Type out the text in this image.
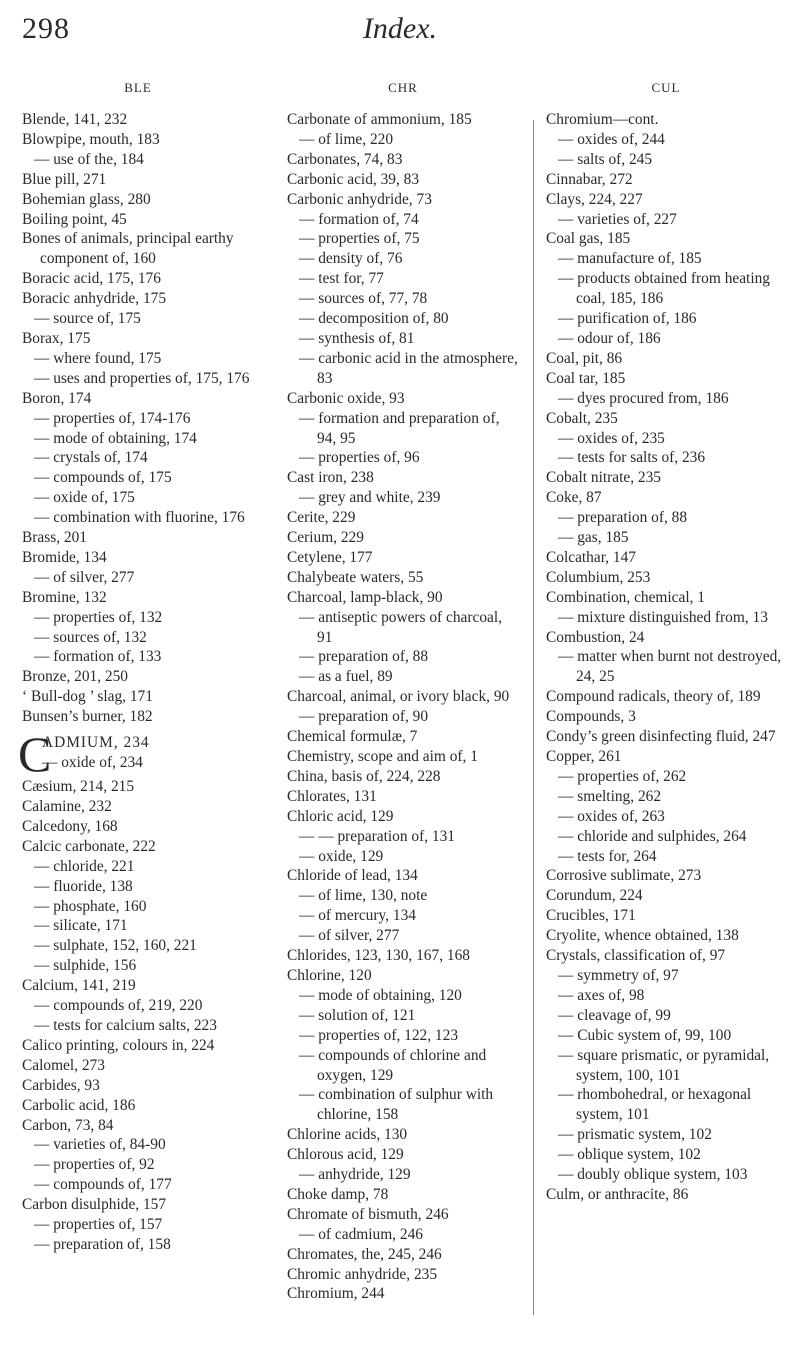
298	Index.
BLE
Blende, 141, 232
Blowpipe, mouth, 183
— use of the, 184
Blue pill, 271
Bohemian glass, 280
Boiling point, 45
Bones of animals, principal earthy component of, 160
Boracic acid, 175, 176
Boracic anhydride, 175
— source of, 175
Borax, 175
— where found, 175
— uses and properties of, 175, 176
Boron, 174
— properties of, 174-176
— mode of obtaining, 174
— crystals of, 174
— compounds of, 175
— oxide of, 175
— combination with fluorine, 176
Brass, 201
Bromide, 134
— of silver, 277
Bromine, 132
— properties of, 132
— sources of, 132
— formation of, 133
Bronze, 201, 250
‘ Bull-dog ’ slag, 171
Bunsen’s burner, 182
C
ADMIUM, 234
— oxide of, 234
Cæsium, 214, 215
Calamine, 232
Calcedony, 168
Calcic carbonate, 222
— chloride, 221
— fluoride, 138
— phosphate, 160
— silicate, 171
— sulphate, 152, 160, 221
— sulphide, 156
Calcium, 141, 219
— compounds of, 219, 220
— tests for calcium salts, 223
Calico printing, colours in, 224
Calomel, 273
Carbides, 93
Carbolic acid, 186
Carbon, 73, 84
— varieties of, 84-90
— properties of, 92
— compounds of, 177
Carbon disulphide, 157
— properties of, 157
— preparation of, 158
CHR
Carbonate of ammonium, 185
— of lime, 220
Carbonates, 74, 83
Carbonic acid, 39, 83
Carbonic anhydride, 73
— formation of, 74
— properties of, 75
— density of, 76
— test for, 77
— sources of, 77, 78
— decomposition of, 80
— synthesis of, 81
— carbonic acid in the atmosphere, 83
Carbonic oxide, 93
— formation and preparation of, 94, 95
— properties of, 96
Cast iron, 238
— grey and white, 239
Cerite, 229
Cerium, 229
Cetylene, 177
Chalybeate waters, 55
Charcoal, lamp-black, 90
— antiseptic powers of charcoal, 91
— preparation of, 88
— as a fuel, 89
Charcoal, animal, or ivory black, 90
— preparation of, 90
Chemical formulæ, 7
Chemistry, scope and aim of, 1
China, basis of, 224, 228
Chlorates, 131
Chloric acid, 129
— — preparation of, 131
— oxide, 129
Chloride of lead, 134
— of lime, 130, note
— of mercury, 134
— of silver, 277
Chlorides, 123, 130, 167, 168
Chlorine, 120
— mode of obtaining, 120
— solution of, 121
— properties of, 122, 123
— compounds of chlorine and oxygen, 129
— combination of sulphur with chlorine, 158
Chlorine acids, 130
Chlorous acid, 129
— anhydride, 129
Choke damp, 78
Chromate of bismuth, 246
— of cadmium, 246
Chromates, the, 245, 246
Chromic anhydride, 235
Chromium, 244
CUL
Chromium—cont.
— oxides of, 244
— salts of, 245
Cinnabar, 272
Clays, 224, 227
— varieties of, 227
Coal gas, 185
— manufacture of, 185
— products obtained from heating coal, 185, 186
— purification of, 186
— odour of, 186
Coal, pit, 86
Coal tar, 185
— dyes procured from, 186
Cobalt, 235
— oxides of, 235
— tests for salts of, 236
Cobalt nitrate, 235
Coke, 87
— preparation of, 88
— gas, 185
Colcathar, 147
Columbium, 253
Combination, chemical, 1
— mixture distinguished from, 13
Combustion, 24
— matter when burnt not destroyed, 24, 25
Compound radicals, theory of, 189
Compounds, 3
Condy’s green disinfecting fluid, 247
Copper, 261
— properties of, 262
— smelting, 262
— oxides of, 263
— chloride and sulphides, 264
— tests for, 264
Corrosive sublimate, 273
Corundum, 224
Crucibles, 171
Cryolite, whence obtained, 138
Crystals, classification of, 97
— symmetry of, 97
— axes of, 98
— cleavage of, 99
— Cubic system of, 99, 100
— square prismatic, or pyramidal, system, 100, 101
— rhombohedral, or hexagonal system, 101
— prismatic system, 102
— oblique system, 102
— doubly oblique system, 103
Culm, or anthracite, 86
